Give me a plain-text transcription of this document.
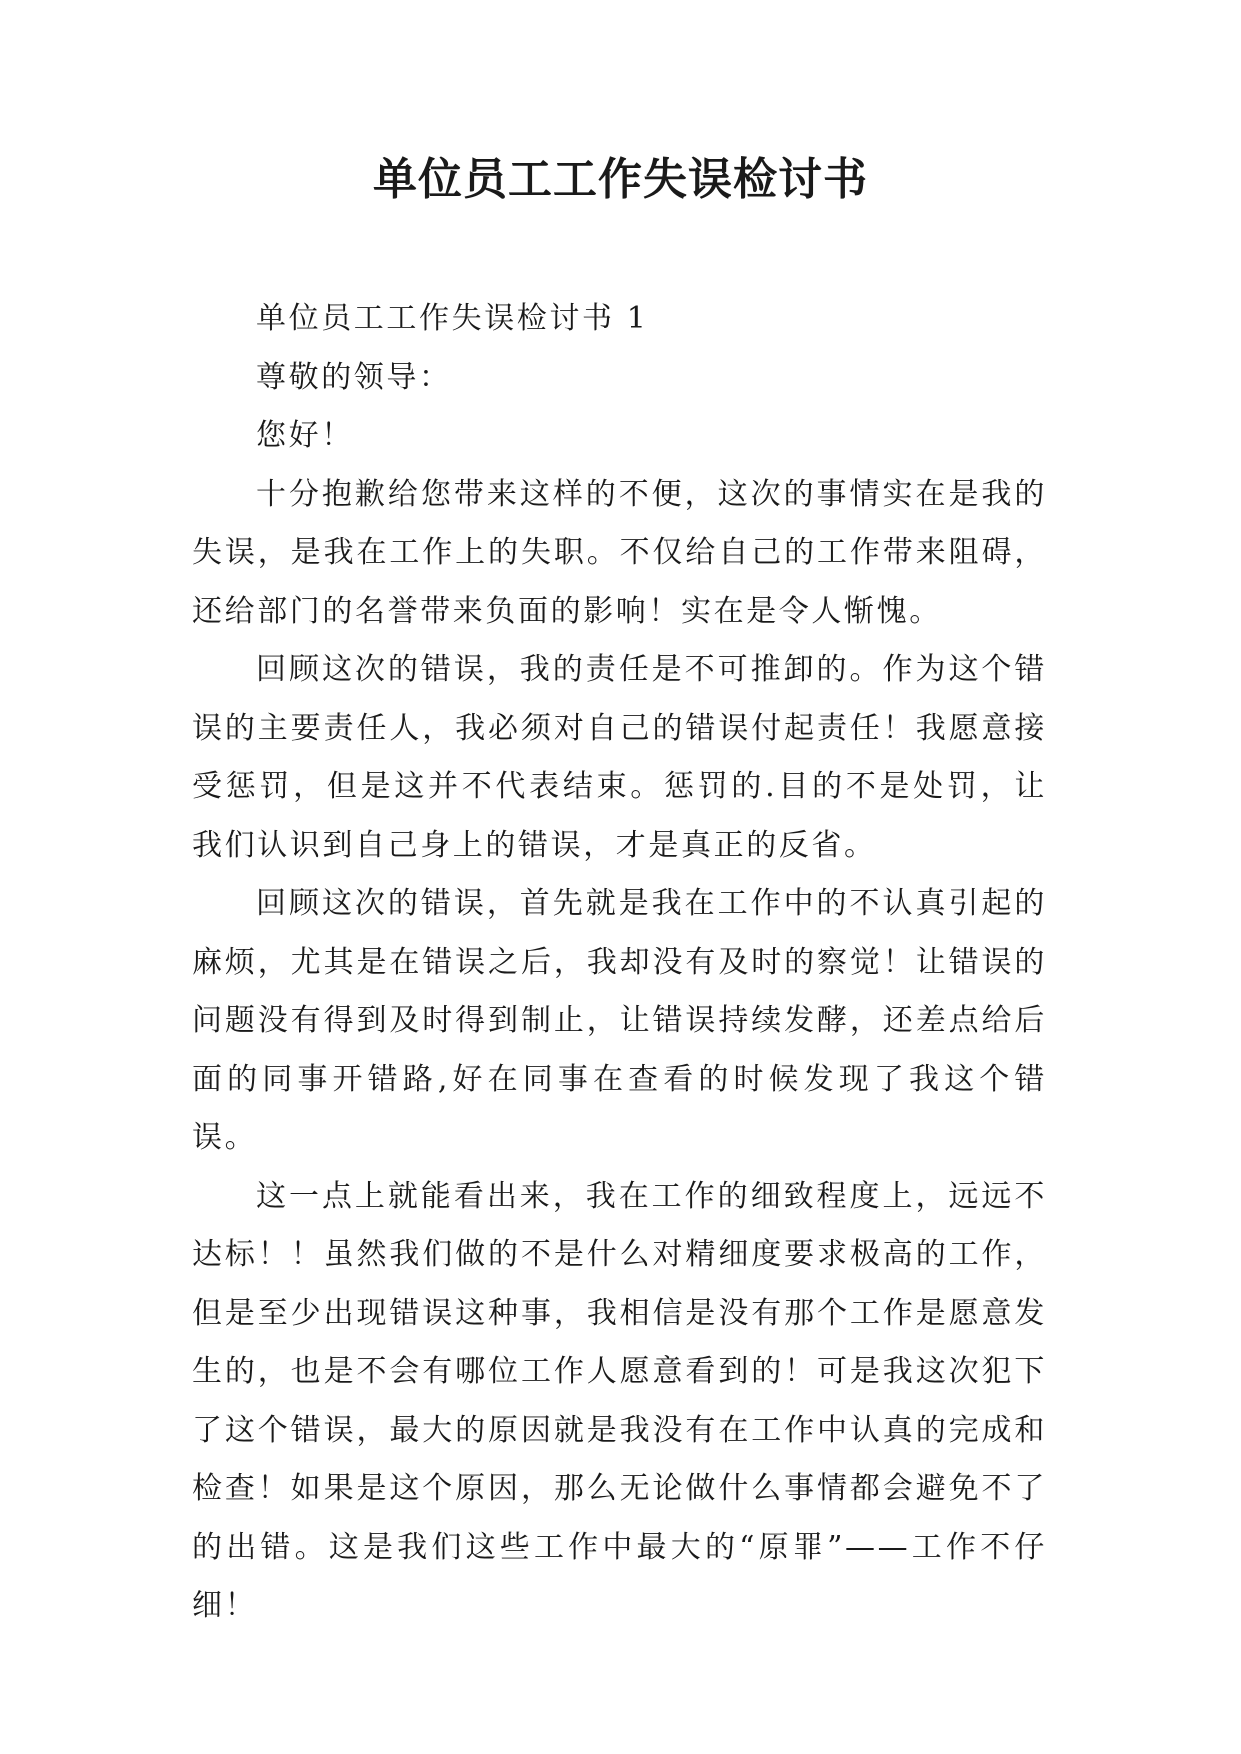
单位员工工作失误检讨书

单位员工工作失误检讨书 1

尊敬的领导：

您好！

十分抱歉给您带来这样的不便，这次的事情实在是我的失误，是我在工作上的失职。不仅给自己的工作带来阻碍，还给部门的名誉带来负面的影响！实在是令人惭愧。

回顾这次的错误，我的责任是不可推卸的。作为这个错误的主要责任人，我必须对自己的错误付起责任！我愿意接受惩罚，但是这并不代表结束。惩罚的.目的不是处罚，让我们认识到自己身上的错误，才是真正的反省。

回顾这次的错误，首先就是我在工作中的不认真引起的麻烦，尤其是在错误之后，我却没有及时的察觉！让错误的问题没有得到及时得到制止，让错误持续发酵，还差点给后面的同事开错路,好在同事在查看的时候发现了我这个错误。

这一点上就能看出来，我在工作的细致程度上，远远不达标！！虽然我们做的不是什么对精细度要求极高的工作，但是至少出现错误这种事，我相信是没有那个工作是愿意发生的，也是不会有哪位工作人愿意看到的！可是我这次犯下了这个错误，最大的原因就是我没有在工作中认真的完成和检查！如果是这个原因，那么无论做什么事情都会避免不了的出错。这是我们这些工作中最大的“原罪”——工作不仔细！
